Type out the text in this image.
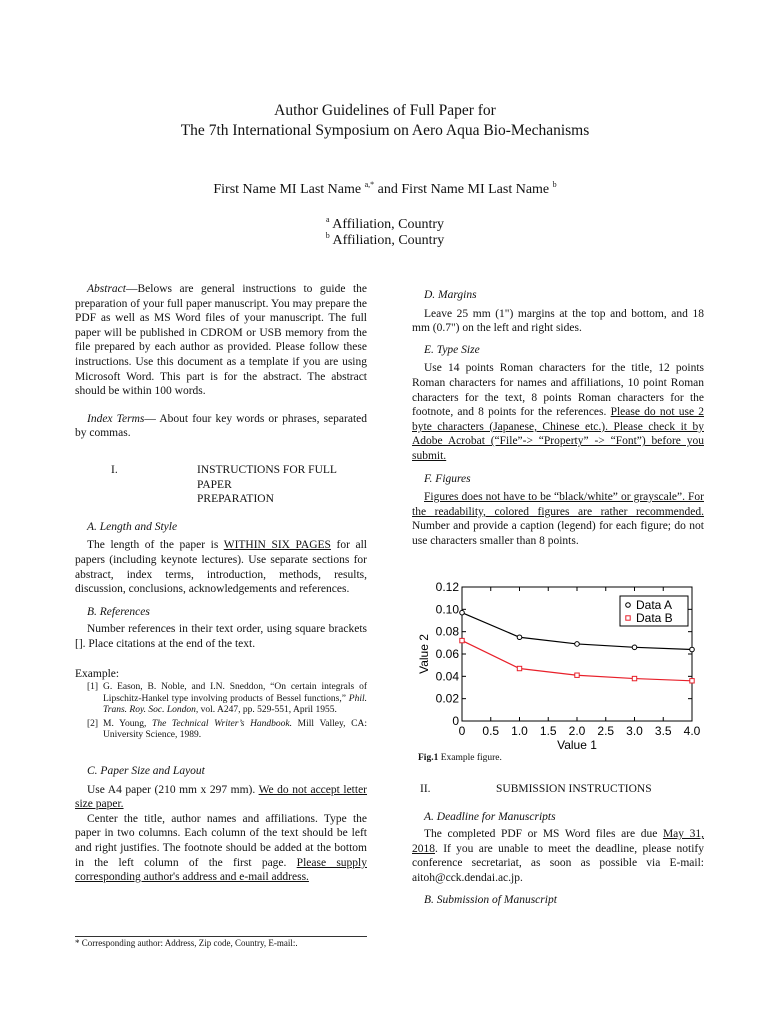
Author Guidelines of Full Paper for
The 7th International Symposium on Aero Aqua Bio-Mechanisms
First Name MI Last Name $^{a,*}$ and First Name MI Last Name $^b$
$^a$ Affiliation, Country
$^b$ Affiliation, Country

Abstract—Belows are general instructions to guide the preparation of your full paper manuscript. You may prepare the PDF as well as MS Word files of your manuscript. The full paper will be published in CDROM or USB memory from the file prepared by each author as provided. Please follow these instructions. Use this document as a template if you are using Microsoft Word. This part is for the abstract. The abstract should be within 100 words.

Index Terms— About four key words or phrases, separated by commas.

I.	INSTRUCTIONS FOR FULL PAPER
PREPARATION

A. Length and Style

The length of the paper is WITHIN SIX PAGES for all papers (including keynote lectures). Use separate sections for abstract, index terms, introduction, methods, results, discussion, conclusions, acknowledgements and references.

B. References

Number references in their text order, using square brackets []. Place citations at the end of the text.

Example:

[1] G. Eason, B. Noble, and I.N. Sneddon, “On certain integrals of Lipschitz-Hankel type involving products of Bessel functions,” Phil. Trans. Roy. Soc. London, vol. A247, pp. 529-551, April 1955.
[2] M. Young, The Technical Writer’s Handbook. Mill Valley, CA: University Science, 1989.

C. Paper Size and Layout

Use A4 paper (210 mm x 297 mm). We do not accept letter size paper.

Center the title, author names and affiliations. Type the paper in two columns. Each column of the text should be left and right justifies. The footnote should be added at the bottom in the left column of the first page. Please supply corresponding author's address and e-mail address.

* Corresponding author: Address, Zip code, Country, E-mail:.

D. Margins

Leave 25 mm (1") margins at the top and bottom, and 18 mm (0.7") on the left and right sides.

E. Type Size

Use 14 points Roman characters for the title, 12 points Roman characters for names and affiliations, 10 point Roman characters for the text, 8 points Roman characters for the footnote, and 8 points for the references. Please do not use 2 byte characters (Japanese, Chinese etc.). Please check it by Adobe Acrobat (“File”-> “Property” -> “Font”) before you submit.

F. Figures

Figures does not have to be “black/white” or grayscale”. For the readability, colored figures are rather recommended. Number and provide a caption (legend) for each figure; do not use characters smaller than 8 points.

0
0.02
0.04
0.06
0.08
0.10
0.12
0 0.5 1.0 1.5 2.0 2.5 3.0 3.5 4.0
Value 1
Value 2
Data A
Data B
Fig.1 Example figure.
II.	SUBMISSION INSTRUCTIONS

A. Deadline for Manuscripts

The completed PDF or MS Word files are due May 31, 2018. If you are unable to meet the deadline, please notify conference secretariat, as soon as possible via E-mail: aitoh@cck.dendai.ac.jp.

B. Submission of Manuscript
